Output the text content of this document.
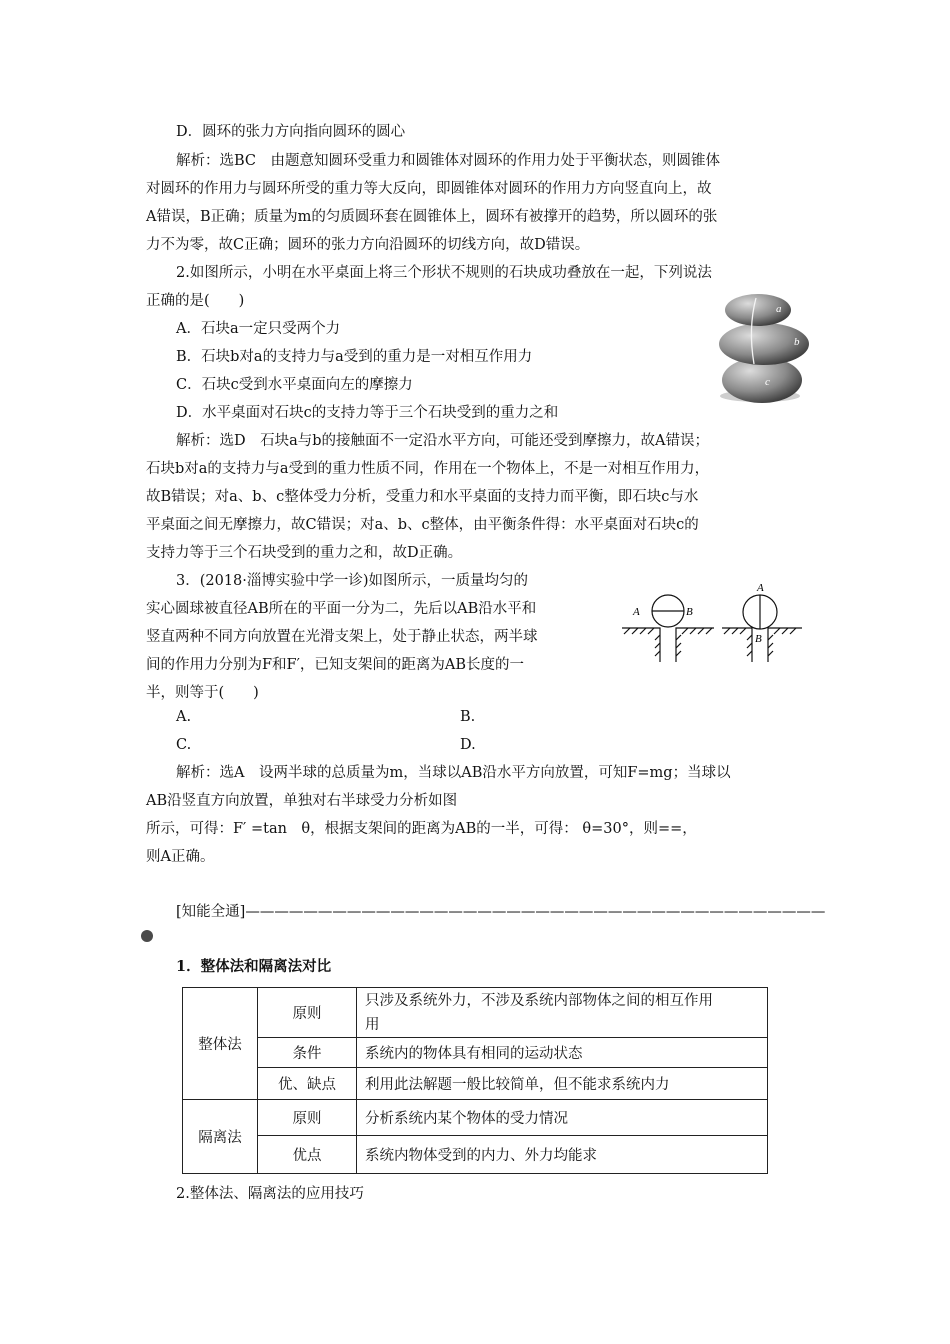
D．圆环的张力方向指向圆环的圆心
解析：选BC　由题意知圆环受重力和圆锥体对圆环的作用力处于平衡状态，则圆锥体
对圆环的作用力与圆环所受的重力等大反向，即圆锥体对圆环的作用力方向竖直向上，故
A错误，B正确；质量为m的匀质圆环套在圆锥体上，圆环有被撑开的趋势，所以圆环的张
力不为零，故C正确；圆环的张力方向沿圆环的切线方向，故D错误。
2.如图所示，小明在水平桌面上将三个形状不规则的石块成功叠放在一起，下列说法
正确的是(　　)
A．石块a一定只受两个力
B．石块b对a的支持力与a受到的重力是一对相互作用力
C．石块c受到水平桌面向左的摩擦力
D．水平桌面对石块c的支持力等于三个石块受到的重力之和
a
b
c
解析：选D　石块a与b的接触面不一定沿水平方向，可能还受到摩擦力，故A错误；
石块b对a的支持力与a受到的重力性质不同，作用在一个物体上，不是一对相互作用力，
故B错误；对a、b、c整体受力分析，受重力和水平桌面的支持力而平衡，即石块c与水
平桌面之间无摩擦力，故C错误；对a、b、c整体，由平衡条件得：水平桌面对石块c的
支持力等于三个石块受到的重力之和，故D正确。
3．(2018·淄博实验中学一诊)如图所示，一质量均匀的
实心圆球被直径AB所在的平面一分为二，先后以AB沿水平和
竖直两种不同方向放置在光滑支架上，处于静止状态，两半球
间的作用力分别为F和F′，已知支架间的距离为AB长度的一
半，则等于(　　)
A	B
A
B
A.	B.
C.	D.
解析：选A　设两半球的总质量为m，当球以AB沿水平方向放置，可知F=mg；当球以
AB沿竖直方向放置，单独对右半球受力分析如图
所示，可得：F′ =tan　θ，根据支架间的距离为AB的一半，可得： θ=30°，则==，
则A正确。
[知能全通]————————————————————————————————————————
1．整体法和隔离法对比
整体法	原则	只涉及系统外力，不涉及系统内部物体之间的相互作用
用
	条件	系统内的物体具有相同的运动状态
	优、缺点	利用此法解题一般比较简单，但不能求系统内力
隔离法	原则	分析系统内某个物体的受力情况
	优点	系统内物体受到的内力、外力均能求
2.整体法、隔离法的应用技巧
